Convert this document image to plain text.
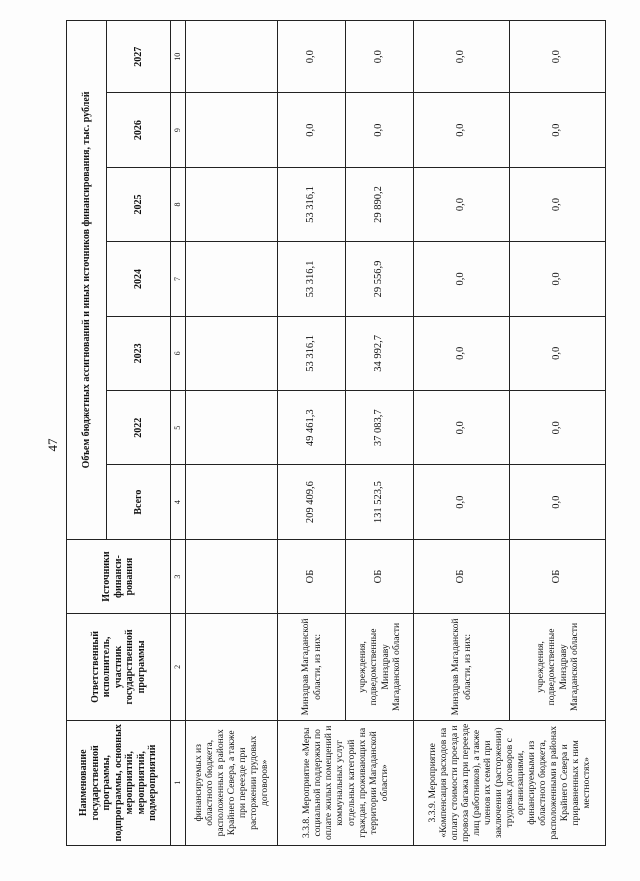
47
Наименование государственной программы, подпрограммы, основных мероприятий, мероприятий, подмероприятий	Ответственный исполнитель, участник государственной программы	Источники финанси-рования	Объем бюджетных ассигнований и иных источников финансирования, тыс. рублей						
			Всего	2022	2023	2024	2025	2026	2027
1	2	3	4	5	6	7	8	9	10
финансируемых из областного бюджета, расположенных в районах Крайнего Севера, а также при переезде при расторжении трудовых договоров»									
3.3.8. Мероприятие «Меры социальной поддержки по оплате жилых помещений и коммунальных услуг отдельных категорий граждан, проживающих на территории Магаданской области»	Минздрав Магаданской области, из них:	ОБ	209 409,6	49 461,3	53 316,1	53 316,1	53 316,1	0,0	0,0
	учреждения, подведомственные Минздраву Магаданской области	ОБ	131 523,5	37 083,7	34 992,7	29 556,9	29 890,2	0,0	0,0
3.3.9. Мероприятие «Компенсация расходов на оплату стоимости проезда и провоза багажа при переезде лиц (работников), а также членов их семей при заключении (расторжении) трудовых договоров с организациями, финансируемыми из областного бюджета, расположенными в районах Крайнего Севера и приравненных к ним местностях»	Минздрав Магаданской области, из них:	ОБ	0,0	0,0	0,0	0,0	0,0	0,0	0,0
	учреждения, подведомственные Минздраву Магаданской области	ОБ	0,0	0,0	0,0	0,0	0,0	0,0	0,0
